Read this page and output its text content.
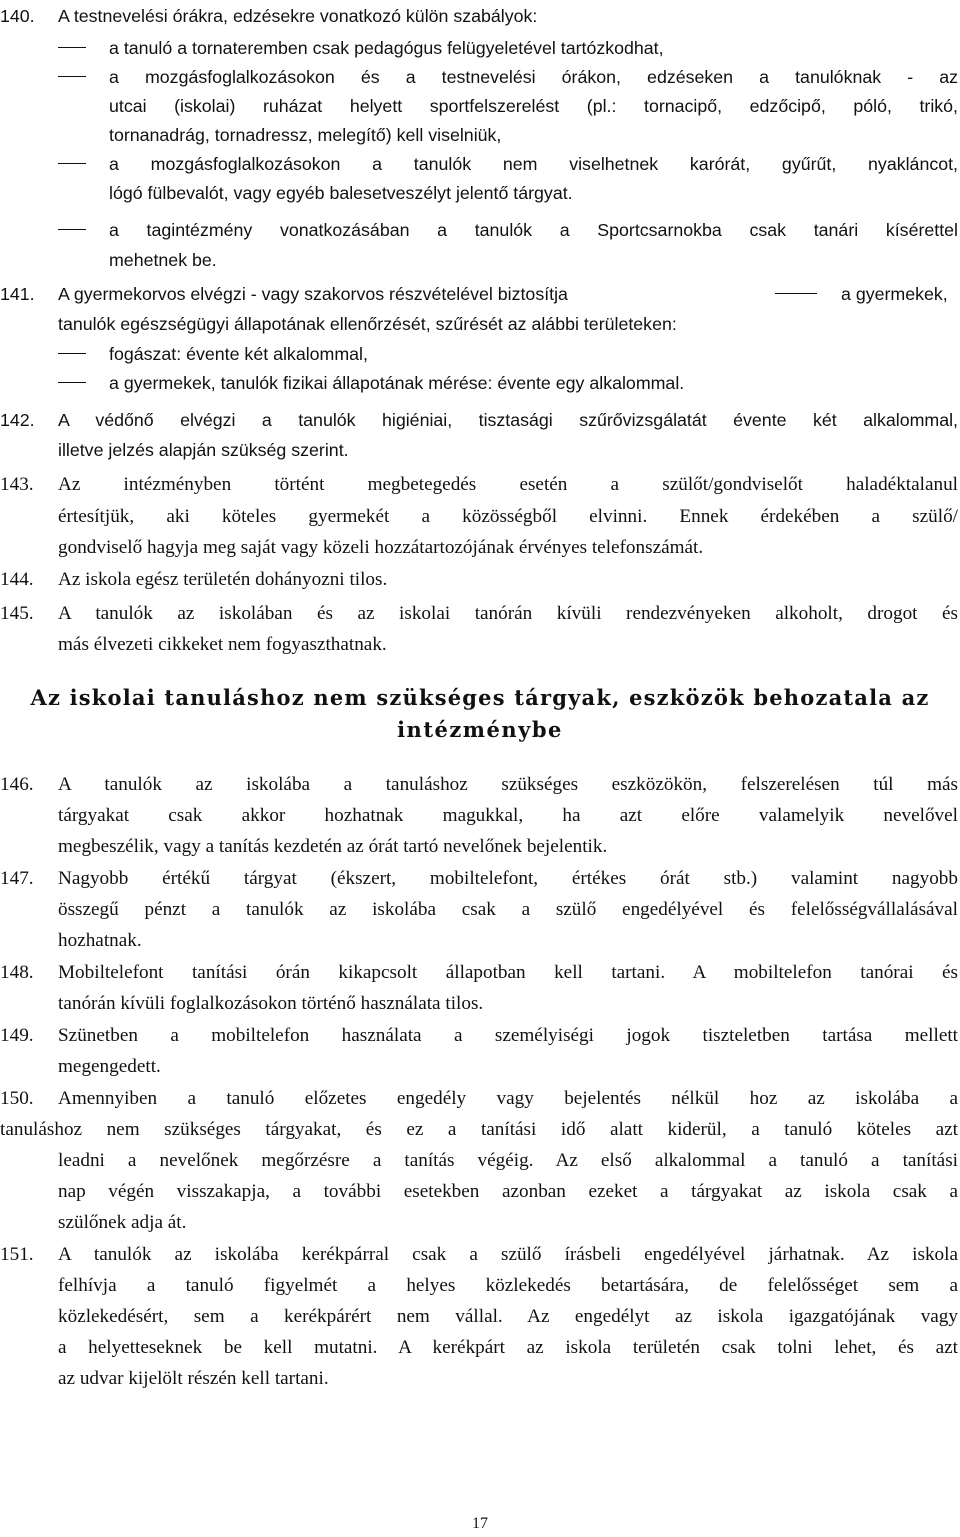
140. A testnevelési órákra, edzésekre vonatkozó külön szabályok:
a tanuló a tornateremben csak pedagógus felügyeletével tartózkodhat,
a mozgásfoglalkozásokon és a testnevelési órákon, edzéseken a tanulóknak - az
utcai (iskolai) ruházat helyett sportfelszerelést (pl.: tornacipő, edzőcipő, póló, trikó,
tornanadrág, tornadressz, melegítő) kell viselniük,
a mozgásfoglalkozásokon a tanulók nem viselhetnek karórát, gyűrűt, nyakláncot,
lógó fülbevalót, vagy egyéb balesetveszélyt jelentő tárgyat.
a tagintézmény vonatkozásában a tanulók a Sportcsarnokba csak tanári kísérettel
mehetnek be.
141. A gyermekorvos elvégzi - vagy szakorvos részvételével biztosítja	a gyermekek,
tanulók egészségügyi állapotának ellenőrzését, szűrését az alábbi területeken:
fogászat: évente két alkalommal,
a gyermekek, tanulók fizikai állapotának mérése: évente egy alkalommal.
142. A védőnő elvégzi a tanulók higiéniai, tisztasági szűrővizsgálatát évente két alkalommal,
illetve jelzés alapján szükség szerint.
143. Az intézményben történt megbetegedés esetén a szülőt/gondviselőt haladéktalanul
értesítjük, aki köteles gyermekét a közösségből elvinni. Ennek érdekében a szülő/
gondviselő hagyja meg saját vagy közeli hozzátartozójának érvényes telefonszámát.
144. Az iskola egész területén dohányozni tilos.
145. A tanulók az iskolában és az iskolai tanórán kívüli rendezvényeken alkoholt, drogot és
más élvezeti cikkeket nem fogyaszthatnak.
146. A tanulók az iskolába a tanuláshoz szükséges eszközökön, felszerelésen túl más
tárgyakat csak akkor hozhatnak magukkal, ha azt előre valamelyik nevelővel
megbeszélik, vagy a tanítás kezdetén az órát tartó nevelőnek bejelentik.
147. Nagyobb értékű tárgyat (ékszert, mobiltelefont, értékes órát stb.) valamint nagyobb
összegű pénzt a tanulók az iskolába csak a szülő engedélyével és felelősségvállalásával
hozhatnak.
148. Mobiltelefont tanítási órán kikapcsolt állapotban kell tartani. A mobiltelefon tanórai és
tanórán kívüli foglalkozásokon történő használata tilos.
149. Szünetben a mobiltelefon használata a személyiségi jogok tiszteletben tartása mellett
megengedett.
150. Amennyiben a tanuló előzetes engedély vagy bejelentés nélkül hoz az iskolába a
tanuláshoz nem szükséges tárgyakat, és ez a tanítási idő alatt kiderül, a tanuló köteles azt
leadni a nevelőnek megőrzésre a tanítás végéig. Az első alkalommal a tanuló a tanítási
nap végén visszakapja, a további esetekben azonban ezeket a tárgyakat az iskola csak a
szülőnek adja át.
151. A tanulók az iskolába kerékpárral csak a szülő írásbeli engedélyével járhatnak. Az iskola
felhívja a tanuló figyelmét a helyes közlekedés betartására, de felelősséget sem a
közlekedésért, sem a kerékpárért nem vállal. Az engedélyt az iskola igazgatójának vagy
a helyetteseknek be kell mutatni. A kerékpárt az iskola területén csak tolni lehet, és azt
az udvar kijelölt részén kell tartani.
Az iskolai tanuláshoz nem szükséges tárgyak, eszközök behozatala az
intézménybe
17
